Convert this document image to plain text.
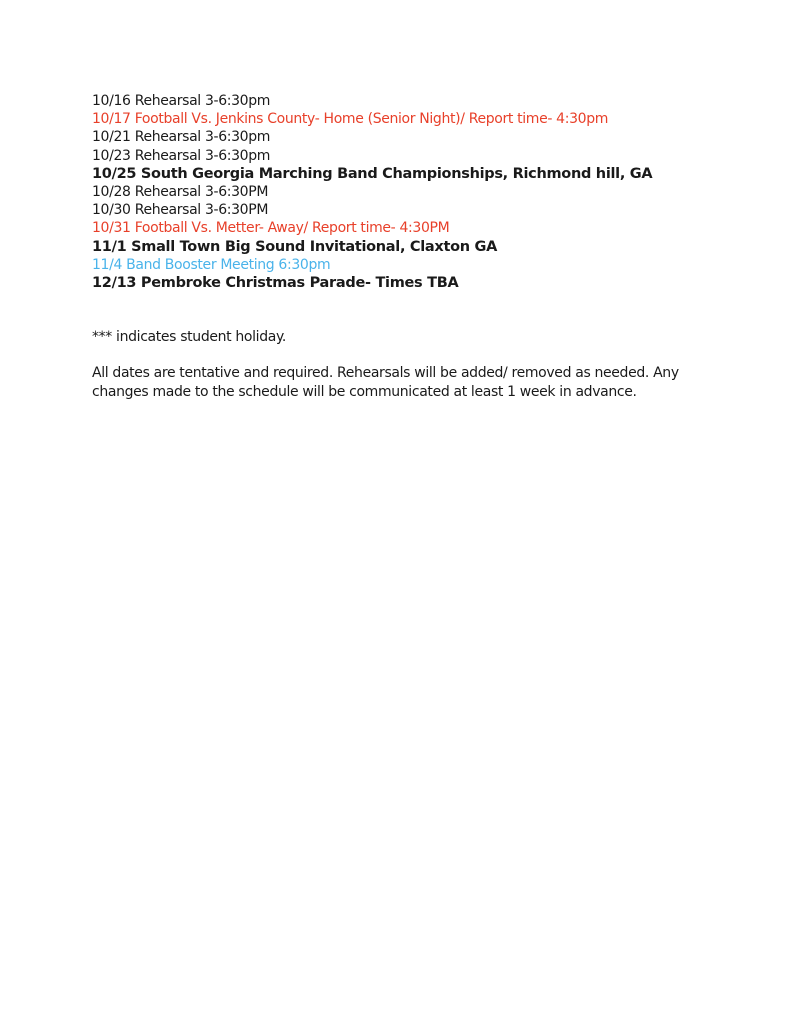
10/16 Rehearsal 3-6:30pm
10/17 Football Vs. Jenkins County- Home (Senior Night)/ Report time- 4:30pm
10/21 Rehearsal 3-6:30pm
10/23 Rehearsal 3-6:30pm
10/25 South Georgia Marching Band Championships, Richmond hill, GA
10/28 Rehearsal 3-6:30PM
10/30 Rehearsal 3-6:30PM
10/31 Football Vs. Metter- Away/ Report time- 4:30PM
11/1 Small Town Big Sound Invitational, Claxton GA
11/4 Band Booster Meeting 6:30pm
12/13 Pembroke Christmas Parade- Times TBA
*** indicates student holiday.
All dates are tentative and required. Rehearsals will be added/ removed as needed. Any changes made to the schedule will be communicated at least 1 week in advance.
